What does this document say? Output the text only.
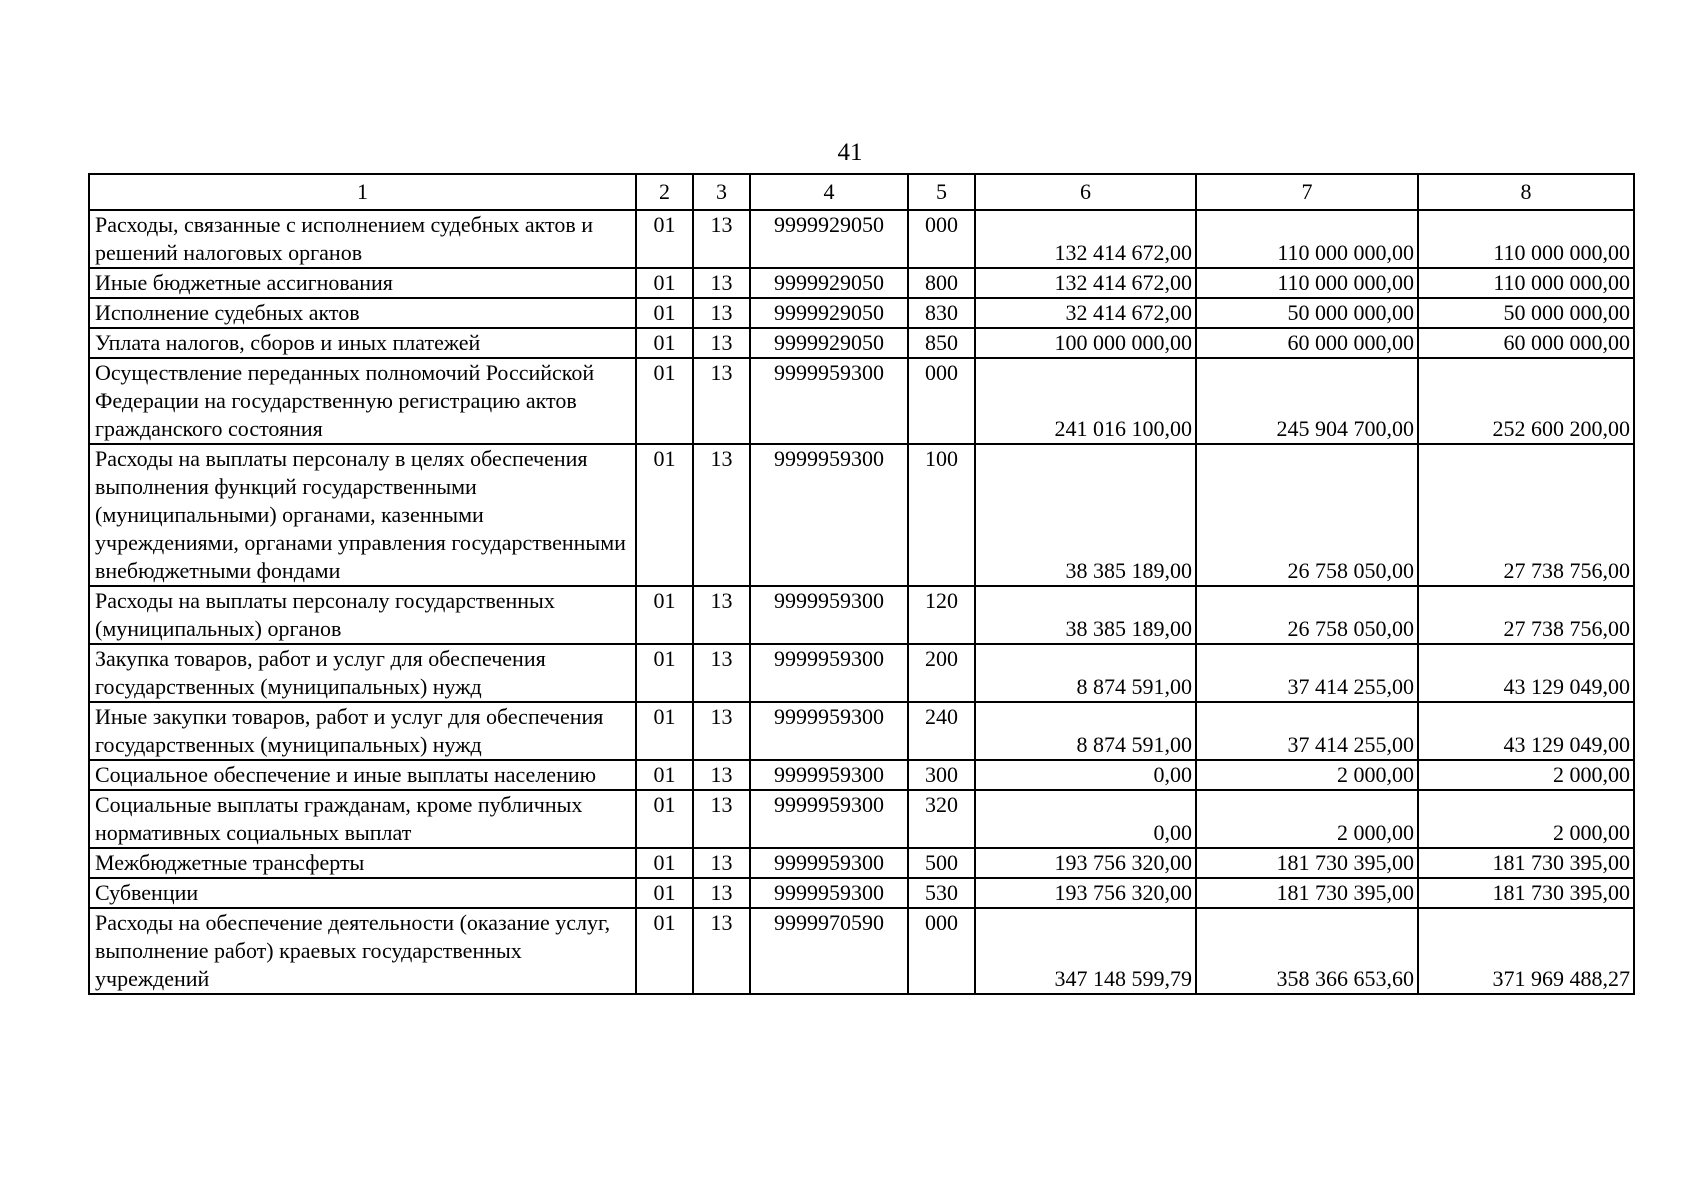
41
1	2	3	4	5	6	7	8
Расходы, связанные с исполнением судебных актов и решений налоговых органов	01	13	9999929050	000	132 414 672,00	110 000 000,00	110 000 000,00
Иные бюджетные ассигнования	01	13	9999929050	800	132 414 672,00	110 000 000,00	110 000 000,00
Исполнение судебных актов	01	13	9999929050	830	32 414 672,00	50 000 000,00	50 000 000,00
Уплата налогов, сборов и иных платежей	01	13	9999929050	850	100 000 000,00	60 000 000,00	60 000 000,00
Осуществление переданных полномочий Российской Федерации на государственную регистрацию актов гражданского состояния	01	13	9999959300	000	241 016 100,00	245 904 700,00	252 600 200,00
Расходы на выплаты персоналу в целях обеспечения выполнения функций государственными (муниципальными) органами, казенными учреждениями, органами управления государственными внебюджетными фондами	01	13	9999959300	100	38 385 189,00	26 758 050,00	27 738 756,00
Расходы на выплаты персоналу государственных (муниципальных) органов	01	13	9999959300	120	38 385 189,00	26 758 050,00	27 738 756,00
Закупка товаров, работ и услуг для обеспечения государственных (муниципальных) нужд	01	13	9999959300	200	8 874 591,00	37 414 255,00	43 129 049,00
Иные закупки товаров, работ и услуг для обеспечения государственных (муниципальных) нужд	01	13	9999959300	240	8 874 591,00	37 414 255,00	43 129 049,00
Социальное обеспечение и иные выплаты населению	01	13	9999959300	300	0,00	2 000,00	2 000,00
Социальные выплаты гражданам, кроме публичных нормативных социальных выплат	01	13	9999959300	320	0,00	2 000,00	2 000,00
Межбюджетные трансферты	01	13	9999959300	500	193 756 320,00	181 730 395,00	181 730 395,00
Субвенции	01	13	9999959300	530	193 756 320,00	181 730 395,00	181 730 395,00
Расходы на обеспечение деятельности (оказание услуг, выполнение работ) краевых государственных учреждений	01	13	9999970590	000	347 148 599,79	358 366 653,60	371 969 488,27
